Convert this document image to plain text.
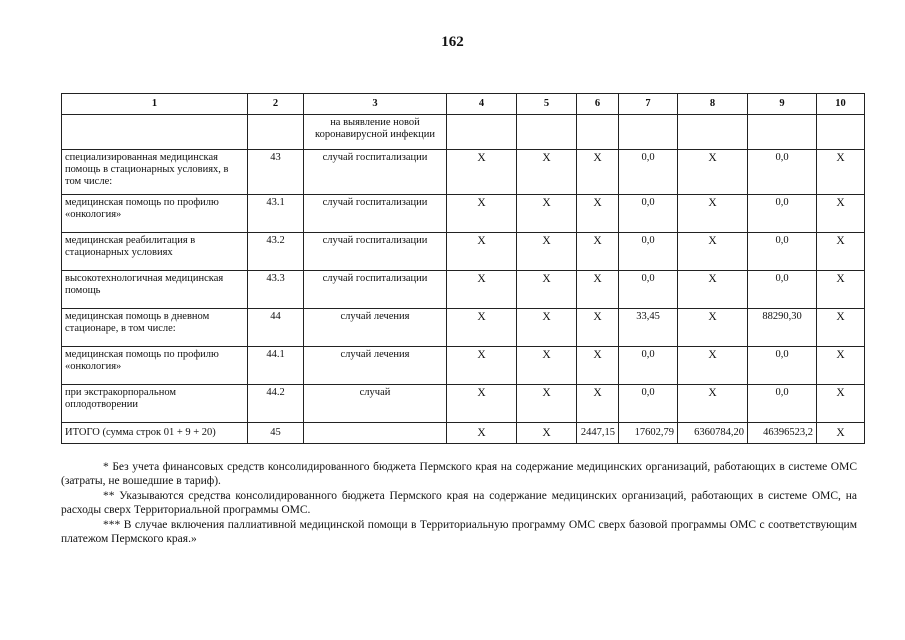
162
1	2	3	4	5	6	7	8	9	10
		на выявление новой коронавирусной инфекции							
специализированная медицинская помощь в стационарных условиях, в том числе:	43	случай госпитализации	X	X	X	0,0	X	0,0	X
медицинская помощь по профилю «онкология»	43.1	случай госпитализации	X	X	X	0,0	X	0,0	X
медицинская реабилитация в стационарных условиях	43.2	случай госпитализации	X	X	X	0,0	X	0,0	X
высокотехнологичная медицинская помощь	43.3	случай госпитализации	X	X	X	0,0	X	0,0	X
медицинская помощь в дневном стационаре, в том числе:	44	случай лечения	X	X	X	33,45	X	88290,30	X
медицинская помощь по профилю «онкология»	44.1	случай лечения	X	X	X	0,0	X	0,0	X
при экстракорпоральном оплодотворении	44.2	случай	X	X	X	0,0	X	0,0	X
ИТОГО (сумма строк 01 + 9 + 20)	45		X	X	2447,15	17602,79	6360784,20	46396523,2	X

* Без учета финансовых средств консолидированного бюджета Пермского края на содержание медицинских организаций, работающих в системе ОМС (затраты, не вошедшие в тариф).

** Указываются средства консолидированного бюджета Пермского края на содержание медицинских организаций, работающих в системе ОМС, на расходы сверх Территориальной программы ОМС.

*** В случае включения паллиативной медицинской помощи в Территориальную программу ОМС сверх базовой программы ОМС с соответствующим платежом Пермского края.»
